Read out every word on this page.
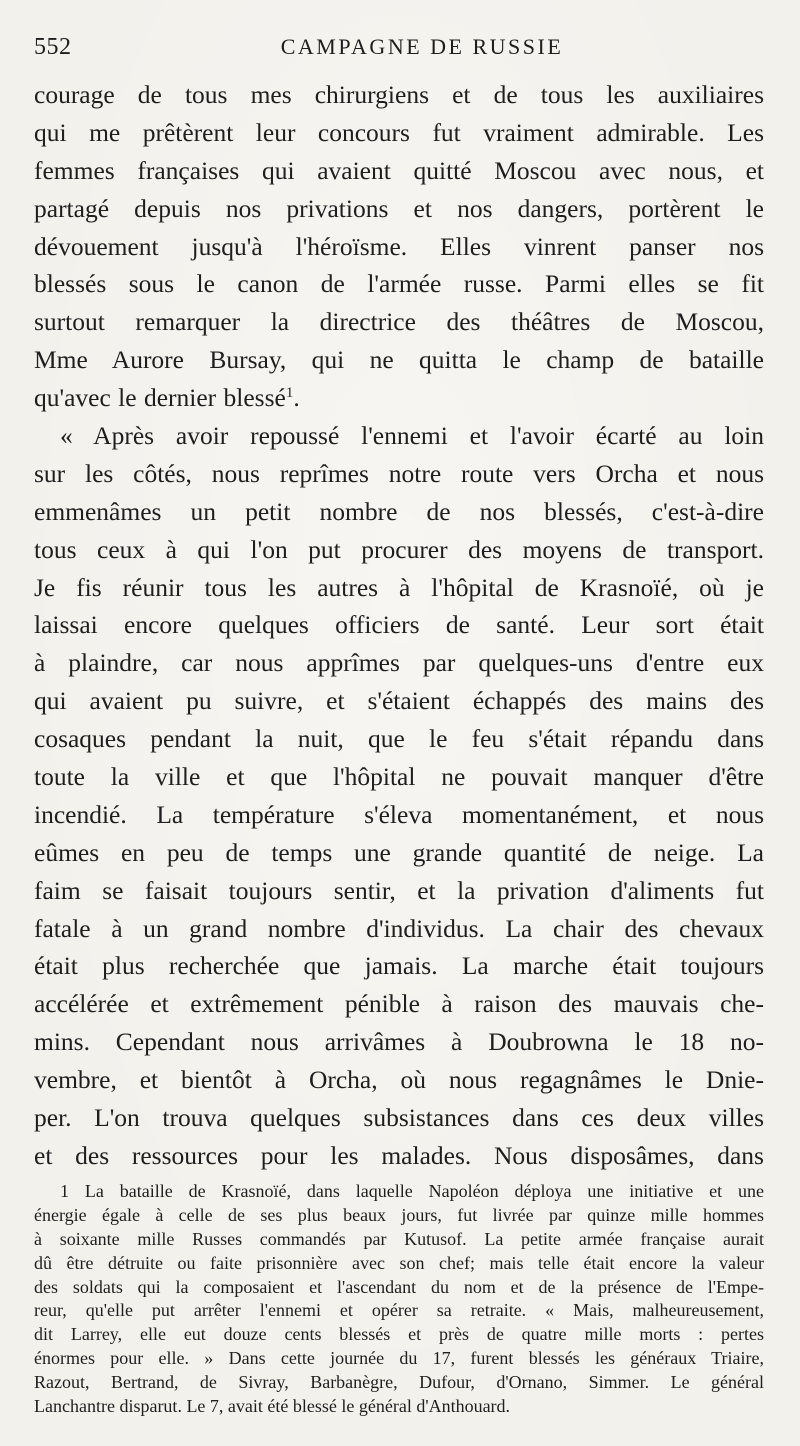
552	CAMPAGNE DE RUSSIE
courage de tous mes chirurgiens et de tous les auxiliaires
qui me prêtèrent leur concours fut vraiment admirable. Les
femmes françaises qui avaient quitté Moscou avec nous, et
partagé depuis nos privations et nos dangers, portèrent le
dévouement jusqu'à l'héroïsme. Elles vinrent panser nos
blessés sous le canon de l'armée russe. Parmi elles se fit
surtout remarquer la directrice des théâtres de Moscou,
Mme Aurore Bursay, qui ne quitta le champ de bataille
qu'avec le dernier blessé$^1$.
« Après avoir repoussé l'ennemi et l'avoir écarté au loin
sur les côtés, nous reprîmes notre route vers Orcha et nous
emmenâmes un petit nombre de nos blessés, c'est-à-dire
tous ceux à qui l'on put procurer des moyens de transport.
Je fis réunir tous les autres à l'hôpital de Krasnoïé, où je
laissai encore quelques officiers de santé. Leur sort était
à plaindre, car nous apprîmes par quelques-uns d'entre eux
qui avaient pu suivre, et s'étaient échappés des mains des
cosaques pendant la nuit, que le feu s'était répandu dans
toute la ville et que l'hôpital ne pouvait manquer d'être
incendié. La température s'éleva momentanément, et nous
eûmes en peu de temps une grande quantité de neige. La
faim se faisait toujours sentir, et la privation d'aliments fut
fatale à un grand nombre d'individus. La chair des chevaux
était plus recherchée que jamais. La marche était toujours
accélérée et extrêmement pénible à raison des mauvais che-
mins. Cependant nous arrivâmes à Doubrowna le 18 no-
vembre, et bientôt à Orcha, où nous regagnâmes le Dnie-
per. L'on trouva quelques subsistances dans ces deux villes
et des ressources pour les malades. Nous disposâmes, dans
1 La bataille de Krasnoïé, dans laquelle Napoléon déploya une initiative et une
énergie égale à celle de ses plus beaux jours, fut livrée par quinze mille hommes
à soixante mille Russes commandés par Kutusof. La petite armée française aurait
dû être détruite ou faite prisonnière avec son chef; mais telle était encore la valeur
des soldats qui la composaient et l'ascendant du nom et de la présence de l'Empe-
reur, qu'elle put arrêter l'ennemi et opérer sa retraite. « Mais, malheureusement,
dit Larrey, elle eut douze cents blessés et près de quatre mille morts : pertes
énormes pour elle. » Dans cette journée du 17, furent blessés les généraux Triaire,
Razout, Bertrand, de Sivray, Barbanègre, Dufour, d'Ornano, Simmer. Le général
Lanchantre disparut. Le 7, avait été blessé le général d'Anthouard.
